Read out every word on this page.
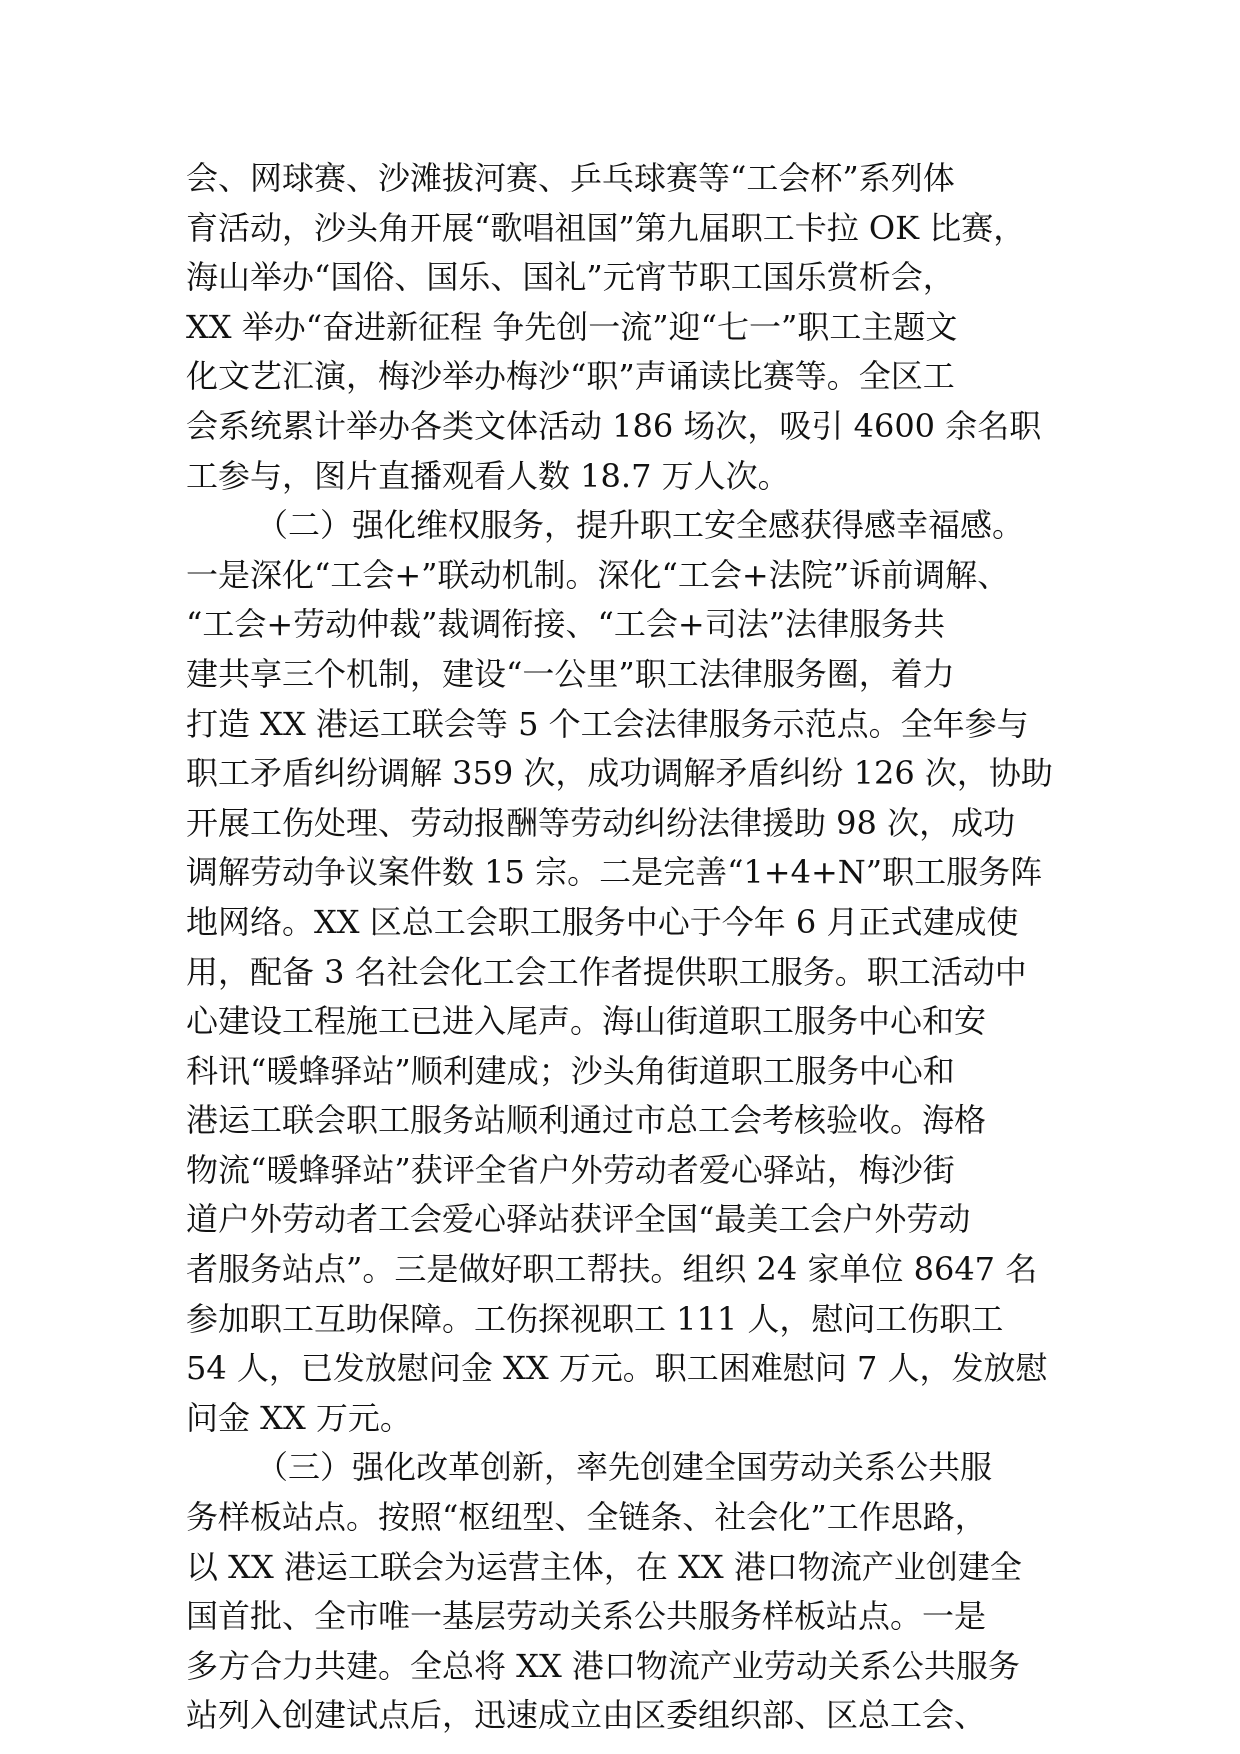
会、网球赛、沙滩拔河赛、乒乓球赛等“工会杯”系列体
育活动，沙头角开展“歌唱祖国”第九届职工卡拉 OK 比赛，
海山举办“国俗、国乐、国礼”元宵节职工国乐赏析会，
XX 举办“奋进新征程 争先创一流”迎“七一”职工主题文
化文艺汇演，梅沙举办梅沙“职”声诵读比赛等。全区工
会系统累计举办各类文体活动 186 场次，吸引 4600 余名职
工参与，图片直播观看人数 18.7 万人次。
（二）强化维权服务，提升职工安全感获得感幸福感。
一是深化“工会+”联动机制。深化“工会+法院”诉前调解、
“工会+劳动仲裁”裁调衔接、“工会+司法”法律服务共
建共享三个机制，建设“一公里”职工法律服务圈，着力
打造 XX 港运工联会等 5 个工会法律服务示范点。全年参与
职工矛盾纠纷调解 359 次，成功调解矛盾纠纷 126 次，协助
开展工伤处理、劳动报酬等劳动纠纷法律援助 98 次，成功
调解劳动争议案件数 15 宗。二是完善“1+4+N”职工服务阵
地网络。XX 区总工会职工服务中心于今年 6 月正式建成使
用，配备 3 名社会化工会工作者提供职工服务。职工活动中
心建设工程施工已进入尾声。海山街道职工服务中心和安
科讯“暖蜂驿站”顺利建成；沙头角街道职工服务中心和
港运工联会职工服务站顺利通过市总工会考核验收。海格
物流“暖蜂驿站”获评全省户外劳动者爱心驿站，梅沙街
道户外劳动者工会爱心驿站获评全国“最美工会户外劳动
者服务站点”。三是做好职工帮扶。组织 24 家单位 8647 名
参加职工互助保障。工伤探视职工 111 人，慰问工伤职工
54 人，已发放慰问金 XX 万元。职工困难慰问 7 人，发放慰
问金 XX 万元。
（三）强化改革创新，率先创建全国劳动关系公共服
务样板站点。按照“枢纽型、全链条、社会化”工作思路，
以 XX 港运工联会为运营主体，在 XX 港口物流产业创建全
国首批、全市唯一基层劳动关系公共服务样板站点。一是
多方合力共建。全总将 XX 港口物流产业劳动关系公共服务
站列入创建试点后，迅速成立由区委组织部、区总工会、
